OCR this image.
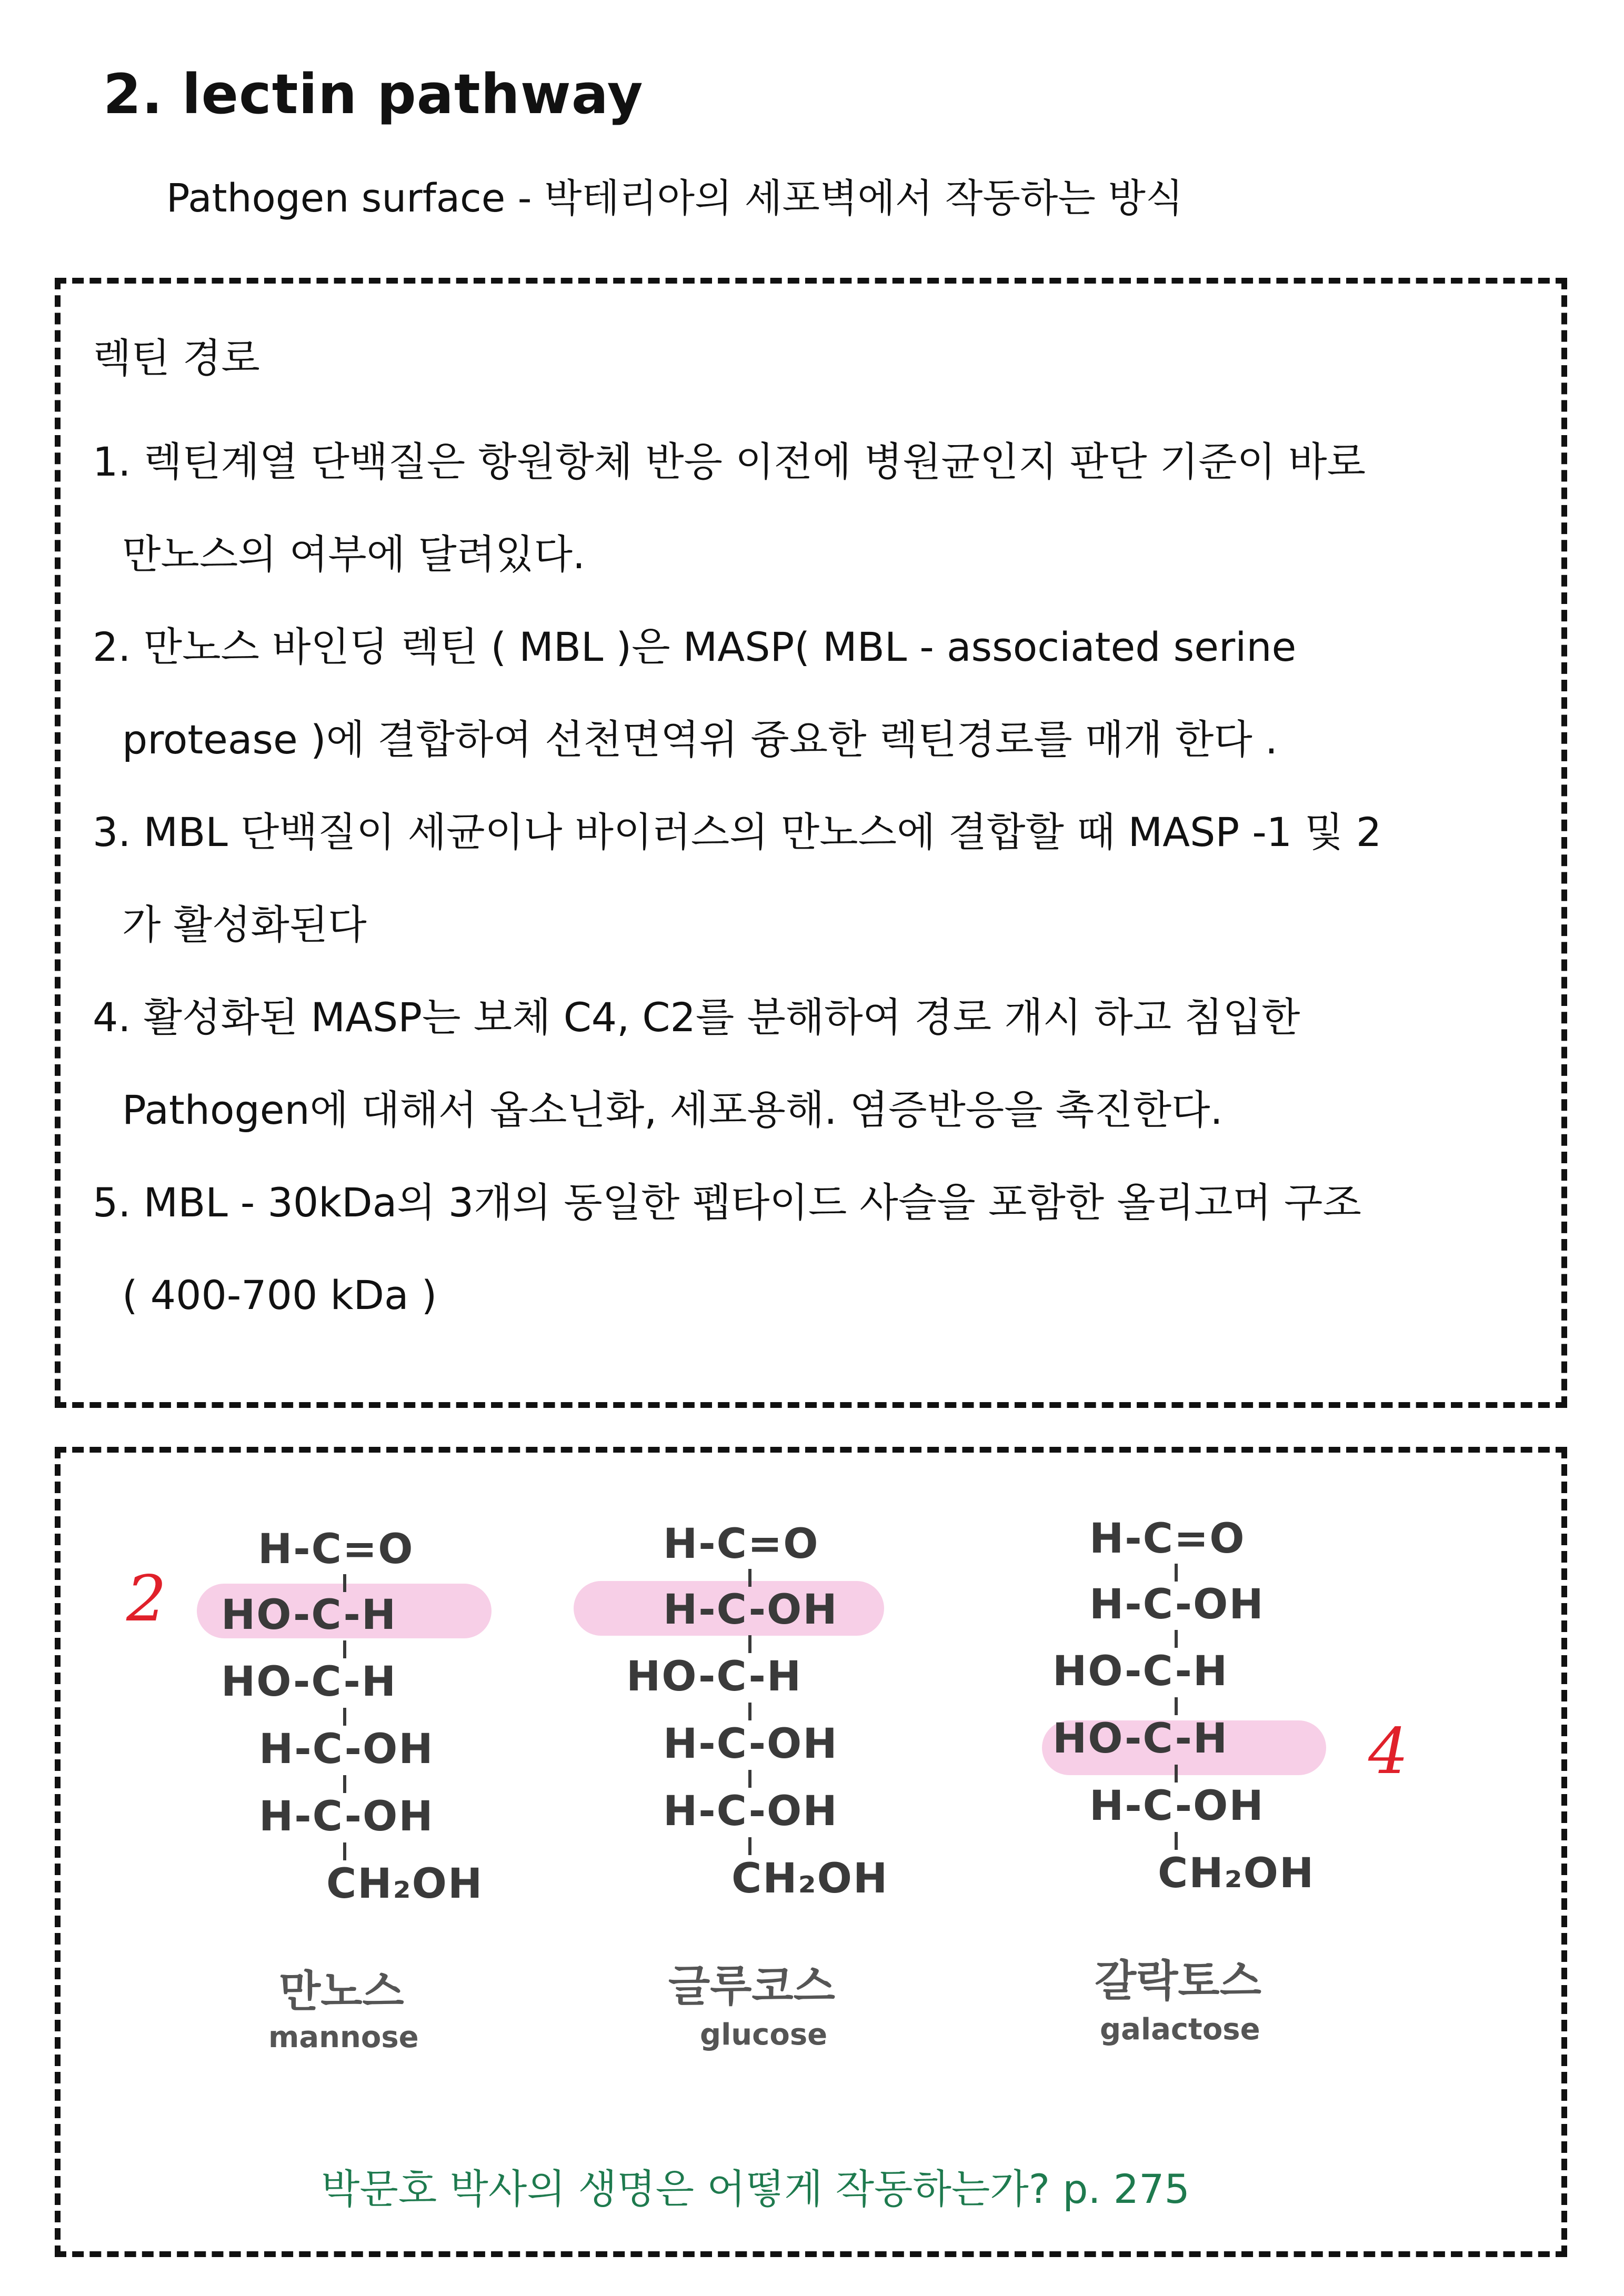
2. lectin pathway
Pathogen surface - 박테리아의 세포벽에서 작동하는 방식
렉틴 경로
1. 렉틴계열 단백질은 항원항체 반응 이전에 병원균인지 판단 기준이 바로
만노스의 여부에 달려있다.
2. 만노스 바인딩 렉틴 ( MBL )은 MASP( MBL - associated serine
protease )에 결합하여 선천면역위 즁요한 렉틴경로를 매개 한다 .
3. MBL 단백질이 세균이나 바이러스의 만노스에 결합할 때 MASP -1 및 2
가 활성화된다
4. 활성화된 MASP는 보체 C4, C2를 분해하여 경로 개시 하고 침입한
Pathogen에 대해서 옵소닌화, 세포용해. 염증반응을 촉진한다.
5. MBL - 30kDa의 3개의 동일한 펩타이드 사슬을 포함한 올리고머 구조
( 400-700 kDa )
2
4
H-C=O
HO-C-H
HO-C-H
H-C-OH
H-C-OH
CH₂OH
만노스
mannose
H-C=O
H-C-OH
HO-C-H
H-C-OH
H-C-OH
CH₂OH
글루코스
glucose
H-C=O
H-C-OH
HO-C-H
HO-C-H
H-C-OH
CH₂OH
갈락토스
galactose
박문호 박사의 생명은 어떻게 작동하는가? p. 275
